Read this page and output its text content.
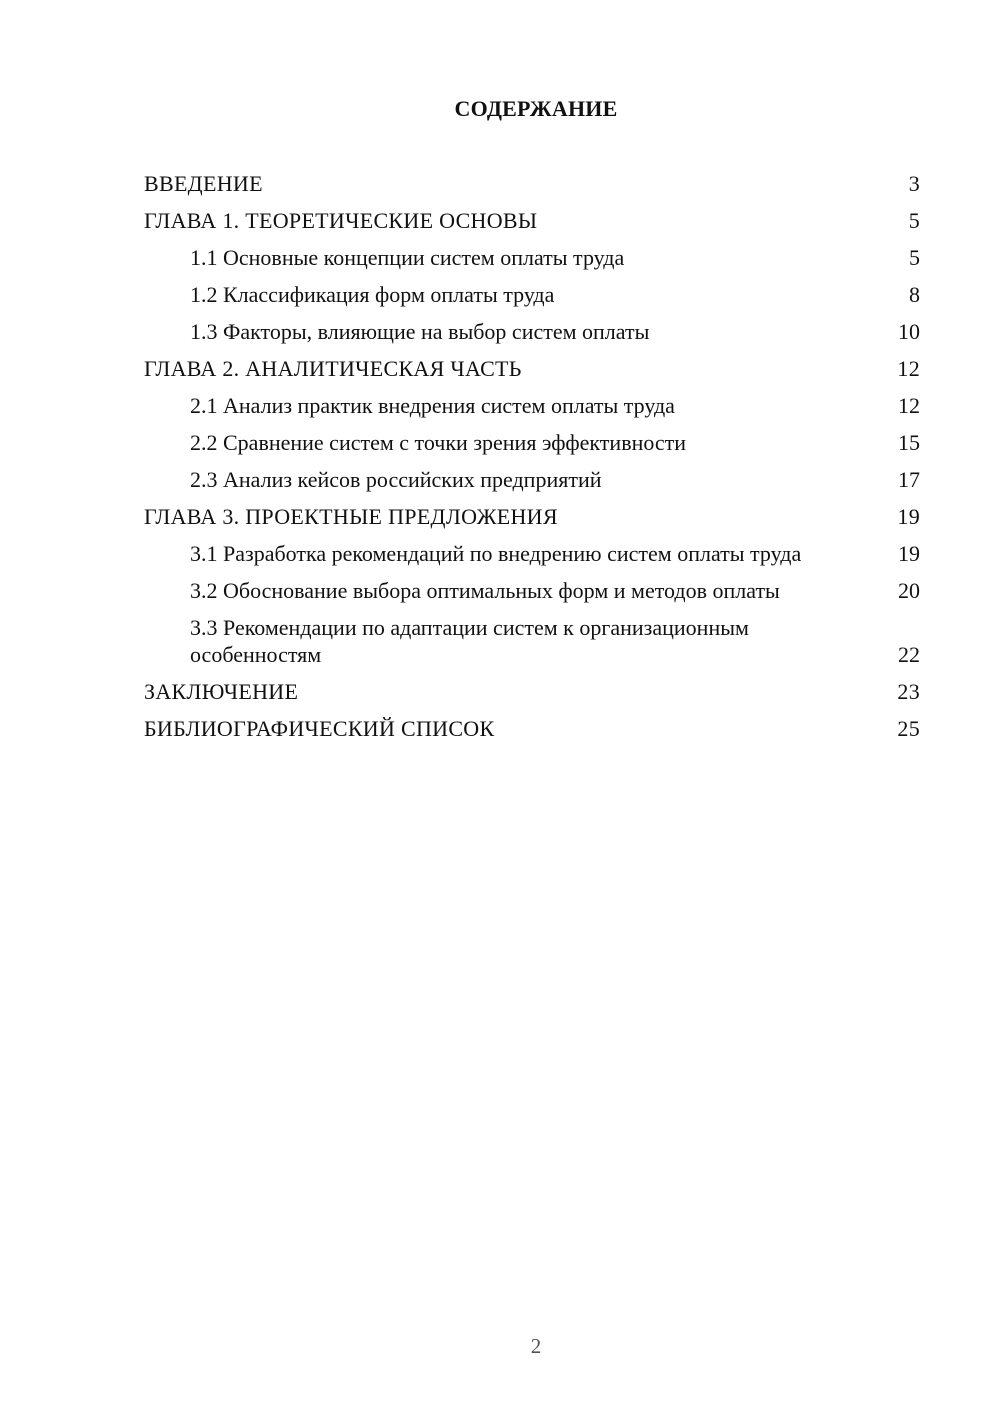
СОДЕРЖАНИЕ
ВВЕДЕНИЕ	3
ГЛАВА 1. ТЕОРЕТИЧЕСКИЕ ОСНОВЫ	5
1.1 Основные концепции систем оплаты труда	5
1.2 Классификация форм оплаты труда	8
1.3 Факторы, влияющие на выбор систем оплаты	10
ГЛАВА 2. АНАЛИТИЧЕСКАЯ ЧАСТЬ	12
2.1 Анализ практик внедрения систем оплаты труда	12
2.2 Сравнение систем с точки зрения эффективности	15
2.3 Анализ кейсов российских предприятий	17
ГЛАВА 3. ПРОЕКТНЫЕ ПРЕДЛОЖЕНИЯ	19
3.1 Разработка рекомендаций по внедрению систем оплаты труда	19
3.2 Обоснование выбора оптимальных форм и методов оплаты	20
3.3 Рекомендации по адаптации систем к организационным особенностям	22
ЗАКЛЮЧЕНИЕ	23
БИБЛИОГРАФИЧЕСКИЙ СПИСОК	25
2
